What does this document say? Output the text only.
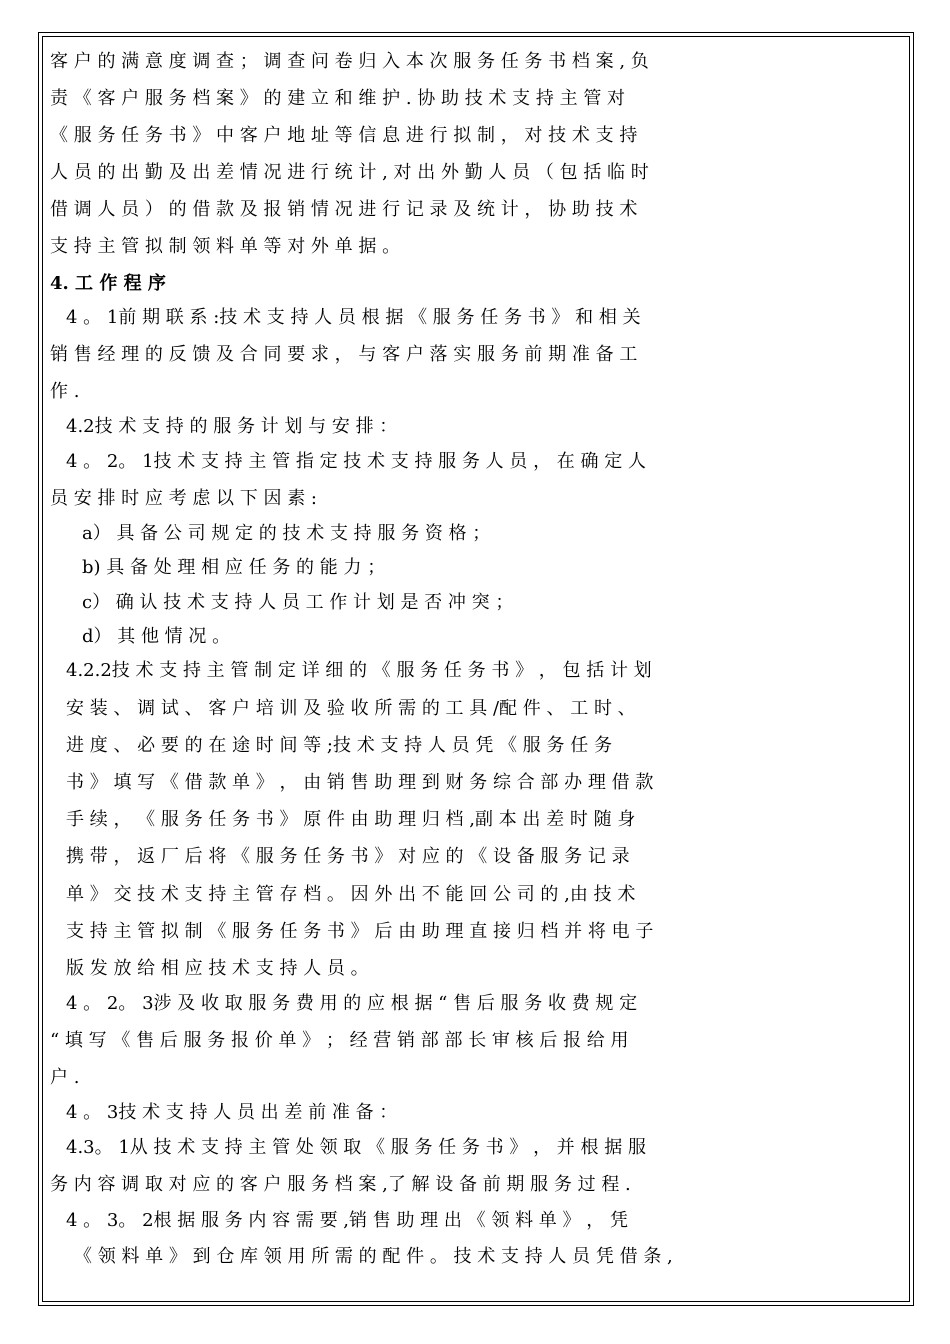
客 户 的 满 意 度 调 查 ； 调 查 问 卷 归 入 本 次 服 务 任 务 书 档 案 , 负
责 《 客 户 服 务 档 案 》 的 建 立 和 维 护 . 协 助 技 术 支 持 主 管 对
《 服 务 任 务 书 》 中 客 户 地 址 等 信 息 进 行 拟 制 ， 对 技 术 支 持
人 员 的 出 勤 及 出 差 情 况 进 行 统 计 , 对 出 外 勤 人 员 （ 包 括 临 时
借 调 人 员 ） 的 借 款 及 报 销 情 况 进 行 记 录 及 统 计 ， 协 助 技 术
支 持 主 管 拟 制 领 料 单 等 对 外 单 据 。
4. 工 作 程 序
4 。 1前 期 联 系 :技 术 支 持 人 员 根 据 《 服 务 任 务 书 》 和 相 关
销 售 经 理 的 反 馈 及 合 同 要 求 ， 与 客 户 落 实 服 务 前 期 准 备 工
作 .
4.2技 术 支 持 的 服 务 计 划 与 安 排 ：
4 。 2。 1技 术 支 持 主 管 指 定 技 术 支 持 服 务 人 员 ， 在 确 定 人
员 安 排 时 应 考 虑 以 下 因 素 :
a） 具 备 公 司 规 定 的 技 术 支 持 服 务 资 格 ；
b) 具 备 处 理 相 应 任 务 的 能 力 ；
c） 确 认 技 术 支 持 人 员 工 作 计 划 是 否 冲 突 ；
d） 其 他 情 况 。
4.2.2技 术 支 持 主 管 制 定 详 细 的 《 服 务 任 务 书 》 ， 包 括 计 划
安 装 、 调 试 、 客 户 培 训 及 验 收 所 需 的 工 具 /配 件 、 工 时 、
进 度 、 必 要 的 在 途 时 间 等 ;技 术 支 持 人 员 凭 《 服 务 任 务
书 》 填 写 《 借 款 单 》 ， 由 销 售 助 理 到 财 务 综 合 部 办 理 借 款
手 续 ， 《 服 务 任 务 书 》 原 件 由 助 理 归 档 ,副 本 出 差 时 随 身
携 带 ， 返 厂 后 将 《 服 务 任 务 书 》 对 应 的 《 设 备 服 务 记 录
单 》 交 技 术 支 持 主 管 存 档 。 因 外 出 不 能 回 公 司 的 ,由 技 术
支 持 主 管 拟 制 《 服 务 任 务 书 》 后 由 助 理 直 接 归 档 并 将 电 子
版 发 放 给 相 应 技 术 支 持 人 员 。
4 。 2。 3涉 及 收 取 服 务 费 用 的 应 根 据 “ 售 后 服 务 收 费 规 定
“ 填 写 《 售 后 服 务 报 价 单 》 ； 经 营 销 部 部 长 审 核 后 报 给 用
户 .
4 。 3技 术 支 持 人 员 出 差 前 准 备 ：
4.3。 1从 技 术 支 持 主 管 处 领 取 《 服 务 任 务 书 》 ， 并 根 据 服
务 内 容 调 取 对 应 的 客 户 服 务 档 案 ,了 解 设 备 前 期 服 务 过 程 .
4 。 3。 2根 据 服 务 内 容 需 要 ,销 售 助 理 出 《 领 料 单 》 ， 凭
《 领 料 单 》 到 仓 库 领 用 所 需 的 配 件 。 技 术 支 持 人 员 凭 借 条 ,
